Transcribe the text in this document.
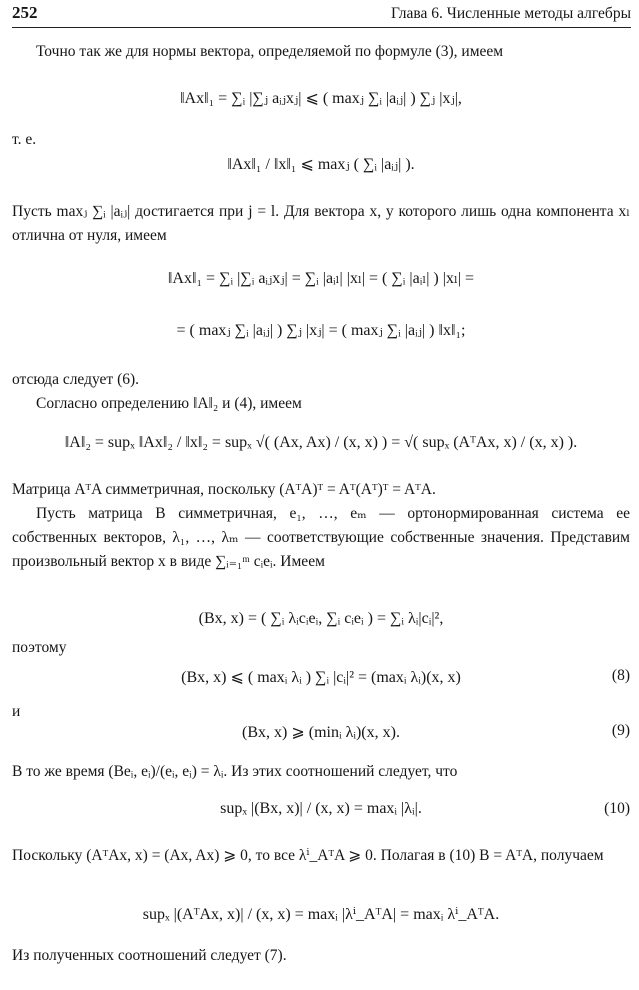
252	Глава 6. Численные методы алгебры
Точно так же для нормы вектора, определяемой по формуле (3), имеем
‖Ax‖₁ = ∑ᵢ |∑ⱼ aᵢⱼxⱼ| ⩽ ( maxⱼ ∑ᵢ |aᵢⱼ| ) ∑ⱼ |xⱼ|,
т. е.
‖Ax‖₁ / ‖x‖₁ ⩽ maxⱼ ( ∑ᵢ |aᵢⱼ| ).
Пусть maxⱼ ∑ᵢ |aᵢⱼ| достигается при j = l. Для вектора x, у которого лишь одна компонента xₗ отлична от нуля, имеем
‖Ax‖₁ = ∑ᵢ |∑ᵢ aᵢⱼxⱼ| = ∑ᵢ |aᵢₗ| |xₗ| = ( ∑ᵢ |aᵢₗ| ) |xₗ| =
= ( maxⱼ ∑ᵢ |aᵢⱼ| ) ∑ⱼ |xⱼ| = ( maxⱼ ∑ᵢ |aᵢⱼ| ) ‖x‖₁;
отсюда следует (6).
Согласно определению ‖A‖₂ и (4), имеем
‖A‖₂ = supₓ ‖Ax‖₂ / ‖x‖₂ = supₓ √( (Ax, Ax) / (x, x) ) = √( supₓ (AᵀAx, x) / (x, x) ).
Матрица AᵀA симметричная, поскольку (AᵀA)ᵀ = Aᵀ(Aᵀ)ᵀ = AᵀA.
Пусть матрица B симметричная, e₁, …, eₘ — ортонормированная система ее собственных векторов, λ₁, …, λₘ — соответствующие собственные значения. Представим произвольный вектор x в виде ∑ᵢ₌₁ᵐ cᵢeᵢ. Имеем
(Bx, x) = ( ∑ᵢ λᵢcᵢeᵢ, ∑ᵢ cᵢeᵢ ) = ∑ᵢ λᵢ|cᵢ|²,
поэтому
(Bx, x) ⩽ ( maxᵢ λᵢ ) ∑ᵢ |cᵢ|² = (maxᵢ λᵢ)(x, x)	(8)
и
(Bx, x) ⩾ (minᵢ λᵢ)(x, x).	(9)
В то же время (Beᵢ, eᵢ)/(eᵢ, eᵢ) = λᵢ. Из этих соотношений следует, что
supₓ |(Bx, x)| / (x, x) = maxᵢ |λᵢ|.	(10)
Поскольку (AᵀAx, x) = (Ax, Ax) ⩾ 0, то все λⁱ_AᵀA ⩾ 0. Полагая в (10) B = AᵀA, получаем
supₓ |(AᵀAx, x)| / (x, x) = maxᵢ |λⁱ_AᵀA| = maxᵢ λⁱ_AᵀA.
Из полученных соотношений следует (7).
